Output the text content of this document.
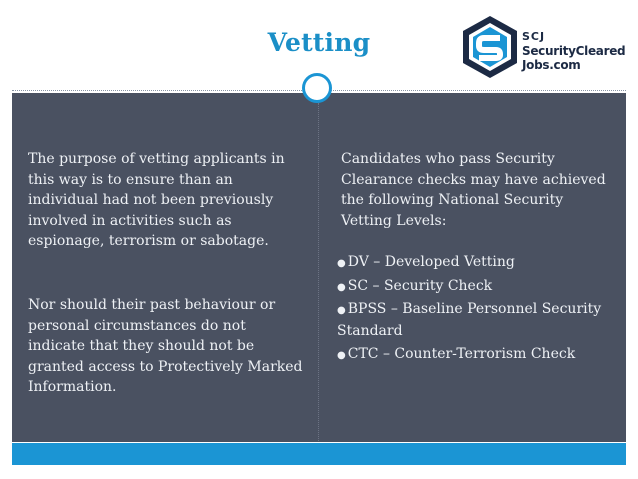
Vetting	SCJ
SecurityCleared
Jobs.com

The purpose of vetting applicants in this way is to ensure than an individual had not been previously involved in activities such as espionage, terrorism or sabotage.

Nor should their past behaviour or personal circumstances do not indicate that they should not be granted access to Protectively Marked Information.

Candidates who pass Security Clearance checks may have achieved the following National Security Vetting Levels:

● DV – Developed Vetting
● SC – Security Check
● BPSS – Baseline Personnel Security Standard
● CTC – Counter-Terrorism Check
